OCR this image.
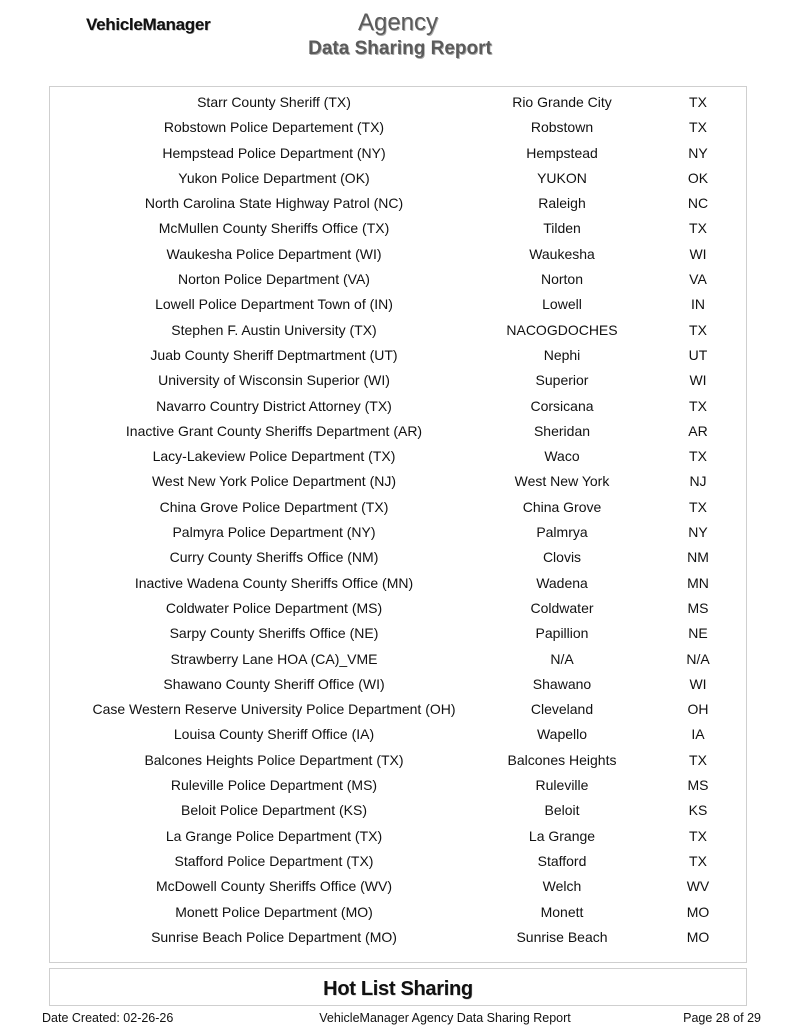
VehicleManager	Agency
Data Sharing Report
Starr County Sheriff (TX)	Rio Grande City	TX
Robstown Police Departement (TX)	Robstown	TX
Hempstead Police Department (NY)	Hempstead	NY
Yukon Police Department (OK)	YUKON	OK
North Carolina State Highway Patrol (NC)	Raleigh	NC
McMullen County Sheriffs Office (TX)	Tilden	TX
Waukesha Police Department (WI)	Waukesha	WI
Norton Police Department (VA)	Norton	VA
Lowell Police Department Town of (IN)	Lowell	IN
Stephen F. Austin University (TX)	NACOGDOCHES	TX
Juab County Sheriff Deptmartment (UT)	Nephi	UT
University of Wisconsin Superior (WI)	Superior	WI
Navarro Country District Attorney (TX)	Corsicana	TX
Inactive Grant County Sheriffs Department (AR)	Sheridan	AR
Lacy-Lakeview Police Department (TX)	Waco	TX
West New York Police Department (NJ)	West New York	NJ
China Grove Police Department (TX)	China Grove	TX
Palmyra Police Department (NY)	Palmrya	NY
Curry County Sheriffs Office (NM)	Clovis	NM
Inactive Wadena County Sheriffs Office (MN)	Wadena	MN
Coldwater Police Department (MS)	Coldwater	MS
Sarpy County Sheriffs Office (NE)	Papillion	NE
Strawberry Lane HOA (CA)_VME	N/A	N/A
Shawano County Sheriff Office (WI)	Shawano	WI
Case Western Reserve University Police Department (OH)	Cleveland	OH
Louisa County Sheriff Office (IA)	Wapello	IA
Balcones Heights Police Department (TX)	Balcones Heights	TX
Ruleville Police Department (MS)	Ruleville	MS
Beloit Police Department (KS)	Beloit	KS
La Grange Police Department (TX)	La Grange	TX
Stafford Police Department (TX)	Stafford	TX
McDowell County Sheriffs Office (WV)	Welch	WV
Monett Police Department (MO)	Monett	MO
Sunrise Beach Police Department (MO)	Sunrise Beach	MO
Hot List Sharing
Date Created: 02-26-26	VehicleManager Agency Data Sharing Report	Page 28 of 29
